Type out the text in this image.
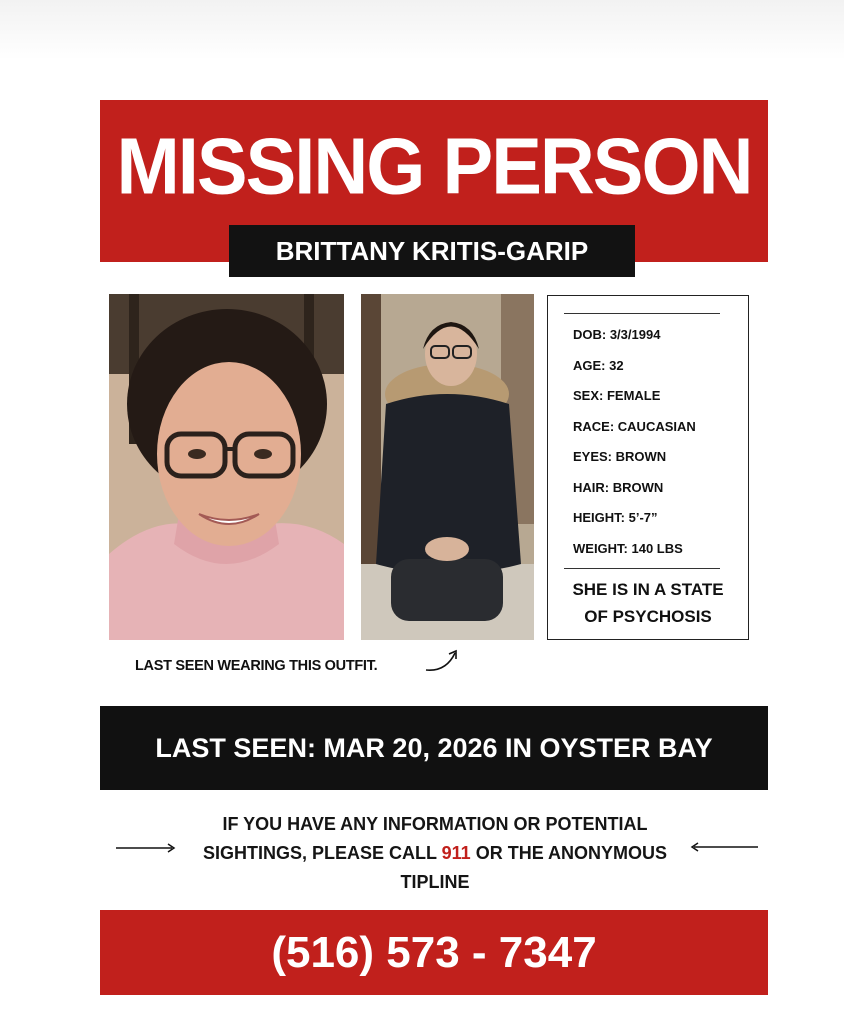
MISSING PERSON
BRITTANY KRITIS-GARIP
DOB: 3/3/1994
AGE: 32
SEX: FEMALE
RACE: CAUCASIAN
EYES: BROWN
HAIR: BROWN
HEIGHT: 5’-7”
WEIGHT: 140 LBS
SHE IS IN A STATE
OF PSYCHOSIS
LAST SEEN WEARING THIS OUTFIT.
LAST SEEN: MAR 20, 2026 IN OYSTER BAY
IF YOU HAVE ANY INFORMATION OR POTENTIAL
SIGHTINGS, PLEASE CALL 911 OR THE ANONYMOUS
TIPLINE
(516) 573 - 7347
